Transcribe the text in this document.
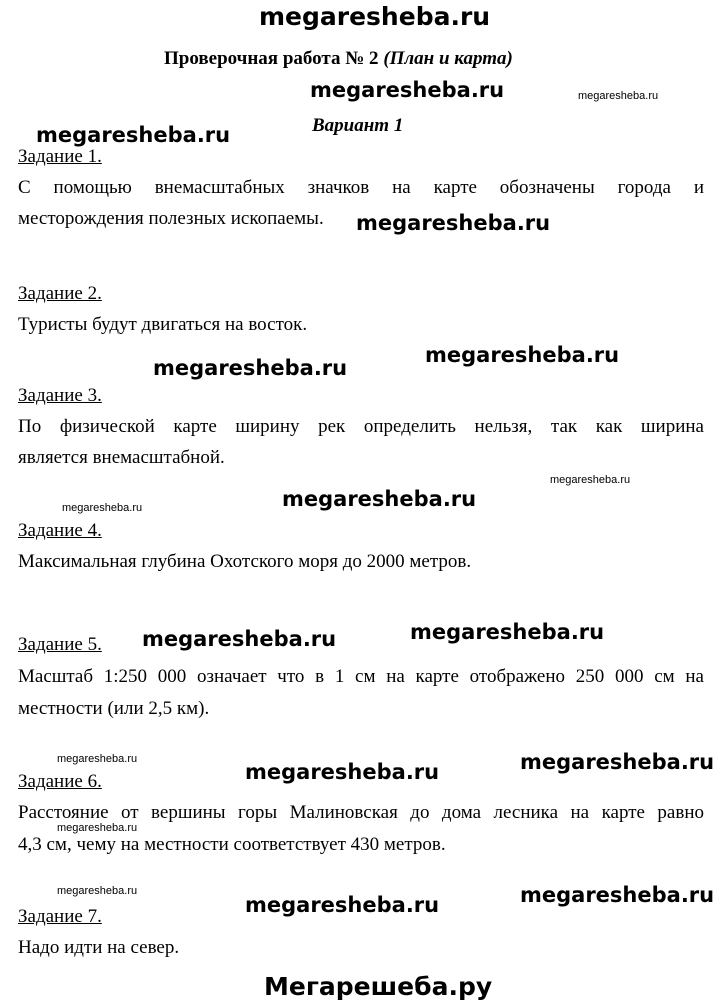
megaresheba.ru
Проверочная работа № 2 (План и карта)
megaresheba.ru	megaresheba.ru
Вариант 1
megaresheba.ru
Задание 1.
С помощью внемасштабных значков на карте обозначены города и
месторождения полезных ископаемы. megaresheba.ru
Задание 2.
Туристы будут двигаться на восток.
megaresheba.ru
megaresheba.ru
Задание 3.
По физической карте ширину рек определить нельзя, так как ширина
является внемасштабной.
megaresheba.ru
megaresheba.ru
megaresheba.ru
Задание 4.
Максимальная глубина Охотского моря до 2000 метров.
megaresheba.ru
megaresheba.ru
Задание 5.
Масштаб 1:250 000 означает что в 1 см на карте отображено 250 000 см на
местности (или 2,5 км).
megaresheba.ru	megaresheba.ru
megaresheba.ru
Задание 6.
Расстояние от вершины горы Малиновская до дома лесника на карте равно
megaresheba.ru
4,3 см, чему на местности соответствует 430 метров.
megaresheba.ru	megaresheba.ru
megaresheba.ru
Задание 7.
Надо идти на север.
Мегарешеба.ру
